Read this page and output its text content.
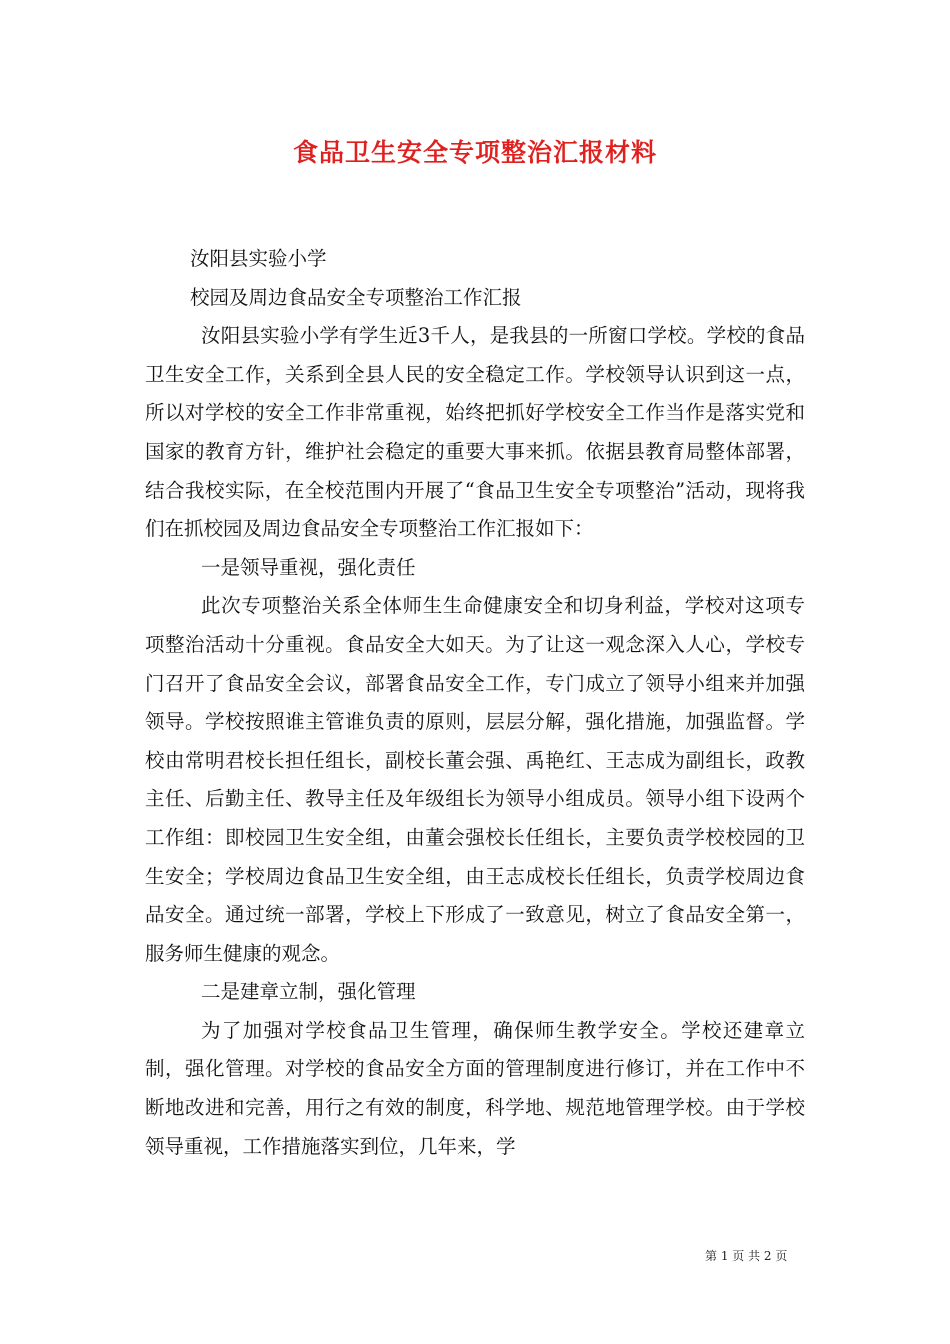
食品卫生安全专项整治汇报材料

汝阳县实验小学

校园及周边食品安全专项整治工作汇报

汝阳县实验小学有学生近3千人，是我县的一所窗口学校。学校的食品卫生安全工作，关系到全县人民的安全稳定工作。学校领导认识到这一点，所以对学校的安全工作非常重视，始终把抓好学校安全工作当作是落实党和国家的教育方针，维护社会稳定的重要大事来抓。依据县教育局整体部署，结合我校实际，在全校范围内开展了“食品卫生安全专项整治”活动，现将我们在抓校园及周边食品安全专项整治工作汇报如下：

一是领导重视，强化责任

此次专项整治关系全体师生生命健康安全和切身利益，学校对这项专项整治活动十分重视。食品安全大如天。为了让这一观念深入人心，学校专门召开了食品安全会议，部署食品安全工作，专门成立了领导小组来并加强领导。学校按照谁主管谁负责的原则，层层分解，强化措施，加强监督。学校由常明君校长担任组长，副校长董会强、禹艳红、王志成为副组长，政教主任、后勤主任、教导主任及年级组长为领导小组成员。领导小组下设两个工作组：即校园卫生安全组，由董会强校长任组长，主要负责学校校园的卫生安全；学校周边食品卫生安全组，由王志成校长任组长，负责学校周边食品安全。通过统一部署，学校上下形成了一致意见，树立了食品安全第一，服务师生健康的观念。

二是建章立制，强化管理

为了加强对学校食品卫生管理，确保师生教学安全。学校还建章立制，强化管理。对学校的食品安全方面的管理制度进行修订，并在工作中不断地改进和完善，用行之有效的制度，科学地、规范地管理学校。由于学校领导重视，工作措施落实到位，几年来，学

第 1 页 共 2 页
